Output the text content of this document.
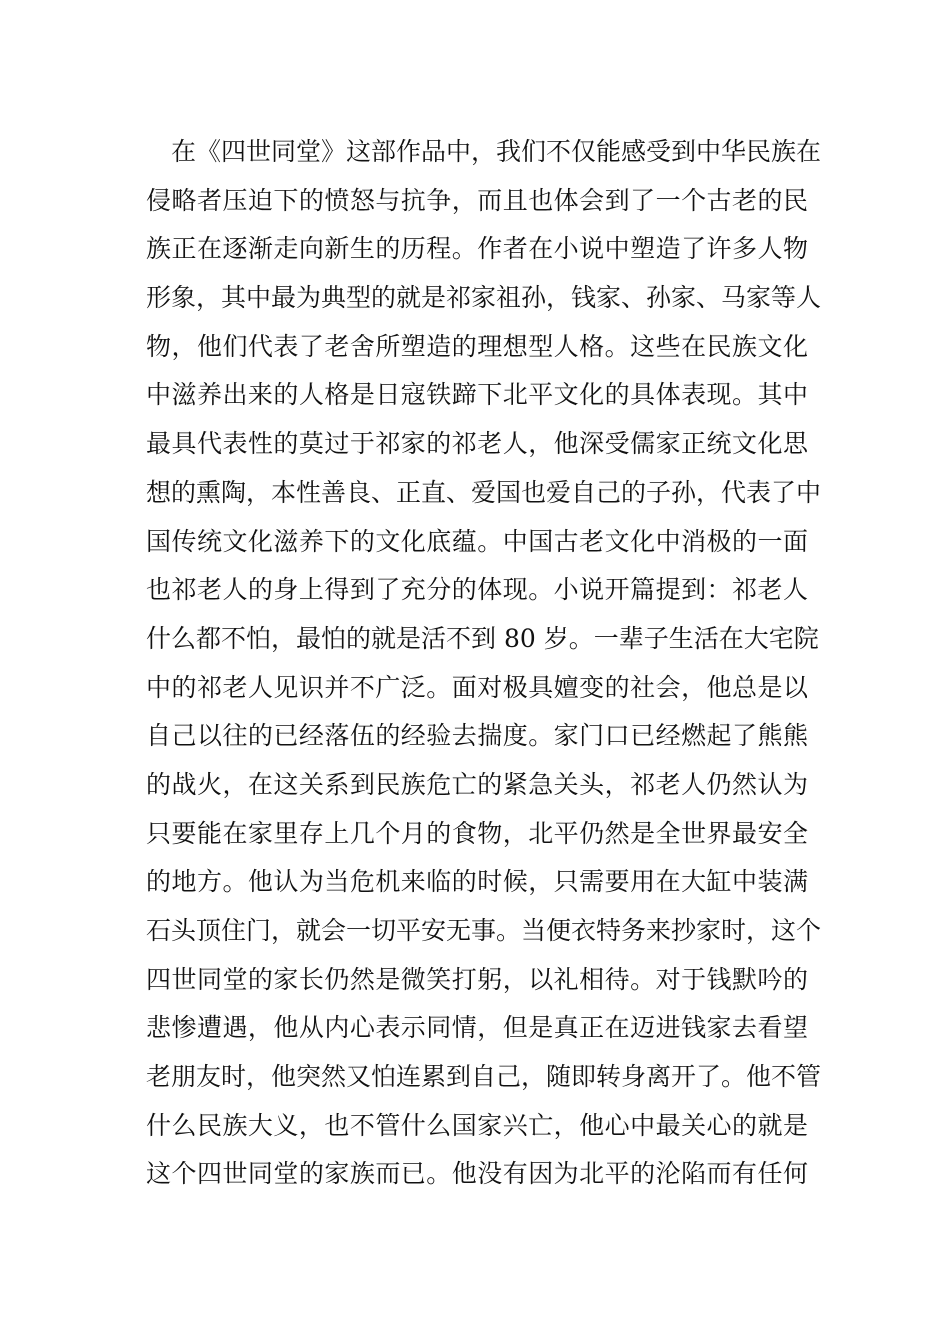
在《四世同堂》这部作品中，我们不仅能感受到中华民族在
侵略者压迫下的愤怒与抗争，而且也体会到了一个古老的民
族正在逐渐走向新生的历程。作者在小说中塑造了许多人物
形象，其中最为典型的就是祁家祖孙，钱家、孙家、马家等人
物，他们代表了老舍所塑造的理想型人格。这些在民族文化
中滋养出来的人格是日寇铁蹄下北平文化的具体表现。其中
最具代表性的莫过于祁家的祁老人，他深受儒家正统文化思
想的熏陶，本性善良、正直、爱国也爱自己的子孙，代表了中
国传统文化滋养下的文化底蕴。中国古老文化中消极的一面
也祁老人的身上得到了充分的体现。小说开篇提到：祁老人
什么都不怕，最怕的就是活不到 80 岁。一辈子生活在大宅院
中的祁老人见识并不广泛。面对极具嬗变的社会，他总是以
自己以往的已经落伍的经验去揣度。家门口已经燃起了熊熊
的战火，在这关系到民族危亡的紧急关头，祁老人仍然认为
只要能在家里存上几个月的食物，北平仍然是全世界最安全
的地方。他认为当危机来临的时候，只需要用在大缸中装满
石头顶住门，就会一切平安无事。当便衣特务来抄家时，这个
四世同堂的家长仍然是微笑打躬，以礼相待。对于钱默吟的
悲惨遭遇，他从内心表示同情，但是真正在迈进钱家去看望
老朋友时，他突然又怕连累到自己，随即转身离开了。他不管
什么民族大义，也不管什么国家兴亡，他心中最关心的就是
这个四世同堂的家族而已。他没有因为北平的沦陷而有任何
